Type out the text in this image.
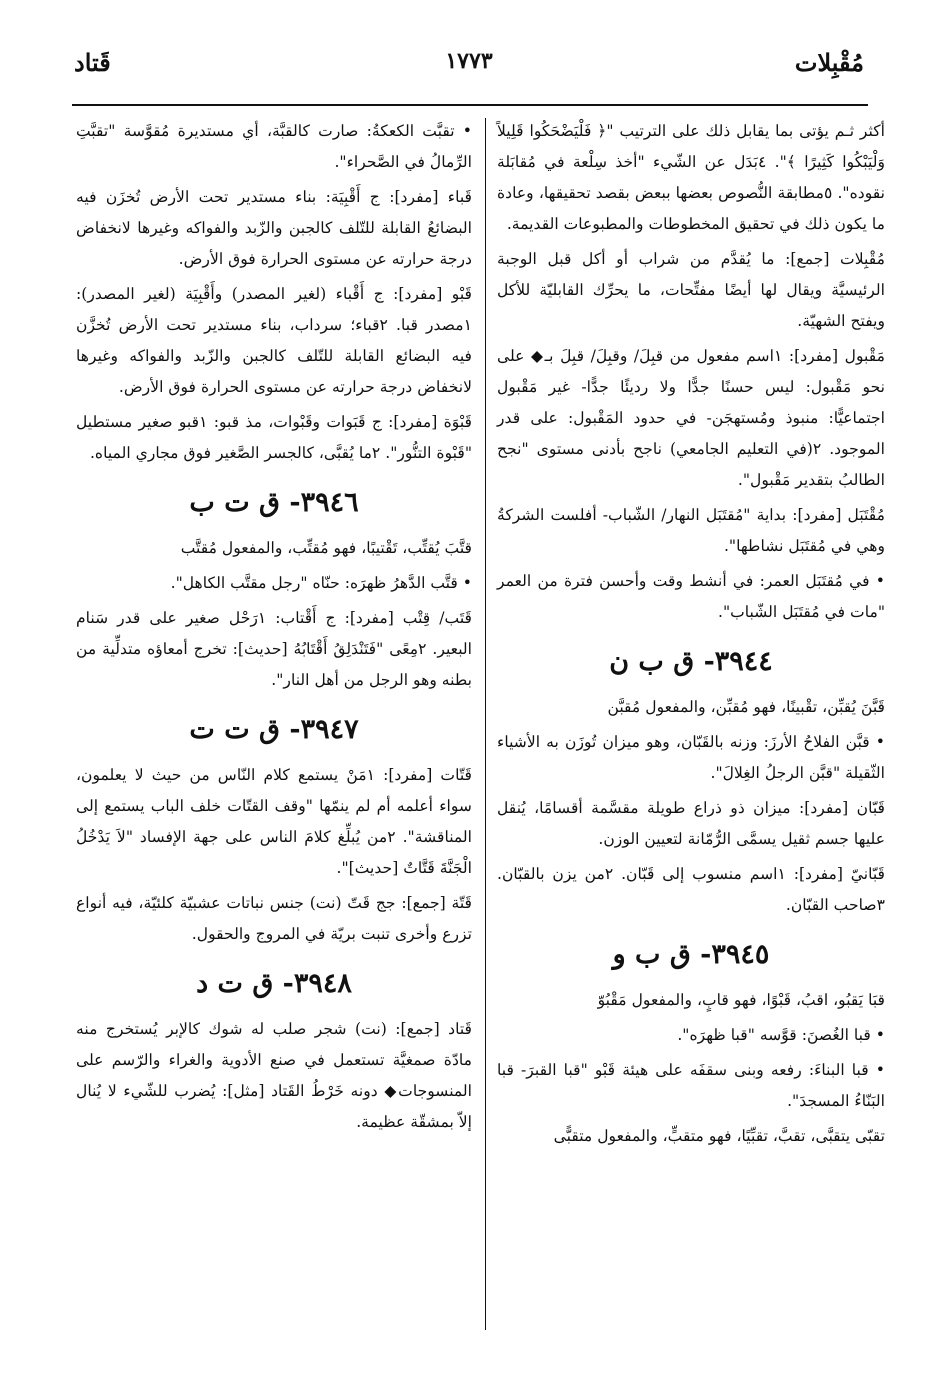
مُقْبِلات
١٧٧٣
قَتاد

أكثر ثـم يؤتى بما يقابل ذلك على الترتيب "﴿ فَلْيَضْحَكُوا قَلِيلاً وَلْيَبْكُوا كَثِيرًا ﴾". ٤بَدَل عن الشّيء "أخذ سِلْعة في مُقابَلة نقوده". ٥مطابقة النُّصوص بعضها ببعض بقصد تحقيقها، وعادة ما يكون ذلك في تحقيق المخطوطات والمطبوعات القديمة.

مُقْبِلات [جمع]: ما يُقدَّم من شراب أو أكل قبل الوجبة الرئيسيَّة ويقال لها أيضًا مفتِّحات، ما يحرِّك القابليّة للأكل ويفتح الشهيّة.

مَقْبول [مفرد]: ١اسم مفعول من قبِلَ/ وقبِلَ/ قبِلَ بـ◆ على نحو مَقْبول: ليس حسنًا جدًّا ولا رديئًا جدًّا- غير مَقْبول اجتماعيًّا: منبوذ ومُستهجَن- في حدود المَقْبول: على قدر الموجود. ٢(في التعليم الجامعي) ناجح بأدنى مستوى "نجح الطالبُ بتقدير مَقْبول".

مُقْتَبَل [مفرد]: بداية "مُقتَبَل النهار/ الشّباب- أفلست الشركةُ وهي في مُقتَبَل نشاطها".

• في مُقتَبَل العمر: في أنشط وقت وأحسن فترة من العمر "مات في مُقتَبَل الشّباب".

٣٩٤٤- ق ب ن

قَبَّنَ يُقبِّن، تقْبينًا، فهو مُقبِّن، والمفعول مُقبَّن

• قبَّن الفلاحُ الأرزَ: وزنه بالقَبّان، وهو ميزان تُوزَن به الأشياء الثّقيلة "قبَّن الرجلُ الغِلالَ".

قَبّان [مفرد]: ميزان ذو ذراع طويلة مقسَّمة أقسامًا، يُنقل عليها جسم ثقيل يسمَّى الرُّمّانة لتعيين الوزن.

قَبّانيّ [مفرد]: ١اسم منسوب إلى قَبّان. ٢من يزن بالقبّان. ٣صاحب القبّان.

٣٩٤٥- ق ب و

قبَا يَقبُو، اقبُ، قَبْوًا، فهو قابٍ، والمفعول مَقْبُوّ

• قبا الغُصنَ: قوَّسه "قبا ظهرَه".

• قبا البناءَ: رفعه وبنى سقفَه على هيئة قَبْو "قبا القبرَ- قبا البَنّاءُ المسجدَ".

تقبّى يتقبَّى، تقبَّ، تقبِّيًا، فهو متقبٍّ، والمفعول متقبًّى

• تقبَّت الكعكةُ: صارت كالقبَّة، أي مستديرة مُقوَّسة "تقبَّتِ الرِّمالُ في الصَّحراء".

قَباء [مفرد]: ج أَقْبِيَة: بناء مستدير تحت الأرض تُخزَن فيه البضائعُ القابلة للتّلف كالجبن والزّبد والفواكه وغيرها لانخفاض درجة حرارته عن مستوى الحرارة فوق الأرض.

قَبْو [مفرد]: ج أَقْباء (لغير المصدر) وأَقْبِيَة (لغير المصدر): ١مصدر قبا. ٢قباء؛ سرداب، بناء مستدير تحت الأرض تُخزَّن فيه البضائع القابلة للتّلف كالجبن والزّبد والفواكه وغيرها لانخفاض درجة حرارته عن مستوى الحرارة فوق الأرض.

قَبْوَة [مفرد]: ج قَبَوات وقَبْوات، مذ قبو: ١قبو صغير مستطيل "قَبْوة التنُّور". ٢ما يُقبَّى، كالجسر الصَّغير فوق مجاري المياه.

٣٩٤٦- ق ت ب

قتَّبَ يُقتِّب، تَقْتيبًا، فهو مُقتِّب، والمفعول مُقتَّب

• قتَّب الدَّهرُ ظهرَه: حنّاه "رجل مقتَّب الكاهل".

قَتَب/ قِتْب [مفرد]: ج أَقْتاب: ١رَحْل صغير على قدر سَنام البعير. ٢مِعًى "فَتَنْدَلِقُ أَقْتَابُهُ [حديث]: تخرج أمعاؤه متدلِّية من بطنه وهو الرجل من أهل النار".

٣٩٤٧- ق ت ت

قَتّات [مفرد]: ١مَنْ يستمع كلام النّاس من حيث لا يعلمون، سواء أعلمه أم لم ينمّها "وقف القتّات خلف الباب يستمع إلى المناقشة". ٢من يُبلِّغ كلامَ الناس على جهة الإفساد "لاَ يَدْخُلُ الْجَنَّةَ قَتَّاتٌ [حديث]".

قَتّة [جمع]: جج قَتّ (نت) جنس نباتات عشبيّة كلئيّة، فيه أنواع تزرع وأخرى تنبت بريّة في المروج والحقول.

٣٩٤٨- ق ت د

قَتاد [جمع]: (نت) شجر صلب له شوك كالإبر يُستخرج منه مادّة صمغيَّة تستعمل في صنع الأدوية والغراء والرّسم على المنسوجات◆ دونه خَرْطُ القَتاد [مثل]: يُضرب للشّيء لا يُنال إلاّ بمشقّة عظيمة.
